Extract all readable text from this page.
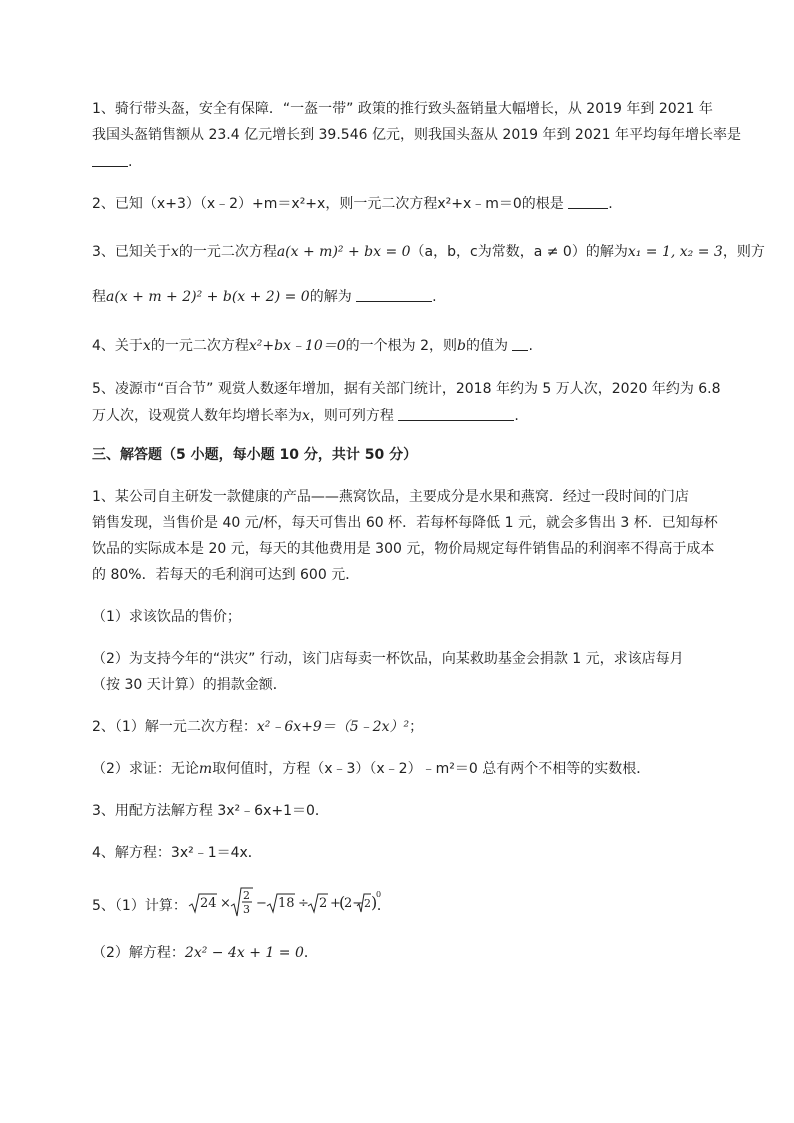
1、骑行带头盔，安全有保障．“一盔一带” 政策的推行致头盔销量大幅增长，从 2019 年到 2021 年
我国头盔销售额从 23.4 亿元增长到 39.546 亿元，则我国头盔从 2019 年到 2021 年平均每年增长率是
.
2、已知（x+3）（x﹣2）+m＝x²+x，则一元二次方程x²+x﹣m＝0的根是	.
3、已知关于x的一元二次方程a(x + m)² + bx = 0（a，b，c为常数，a ≠ 0）的解为x₁ = 1, x₂ = 3，则方
程a(x + m + 2)² + b(x + 2) = 0的解为	.
4、关于x的一元二次方程x²+bx﹣10＝0的一个根为 2，则b的值为 .
5、凌源市“百合节” 观赏人数逐年增加，据有关部门统计，2018 年约为 5 万人次，2020 年约为 6.8
万人次，设观赏人数年均增长率为x，则可列方程	.
三、解答题（5 小题，每小题 10 分，共计 50 分）
1、某公司自主研发一款健康的产品——燕窝饮品，主要成分是水果和燕窝．经过一段时间的门店
销售发现，当售价是 40 元/杯，每天可售出 60 杯．若每杯每降低 1 元，就会多售出 3 杯．已知每杯
饮品的实际成本是 20 元，每天的其他费用是 300 元，物价局规定每件销售品的利润率不得高于成本
的 80%．若每天的毛利润可达到 600 元．
（1）求该饮品的售价；
（2）为支持今年的“洪灾” 行动，该门店每卖一杯饮品，向某救助基金会捐款 1 元，求该店每月
（按 30 天计算）的捐款金额．
2、（1）解一元二次方程：x²﹣6x+9＝（5﹣2x）²；
（2）求证：无论m取何值时，方程（x﹣3）（x﹣2）﹣m²＝0 总有两个不相等的实数根．
3、用配方法解方程 3x²﹣6x+1＝0．
4、解方程：3x²﹣1＝4x．
5、（1）计算： 24 ×
2
3 − 18 ÷ 2 +
(
2− 2 )
0
．
（2）解方程：2x² − 4x + 1 = 0．
